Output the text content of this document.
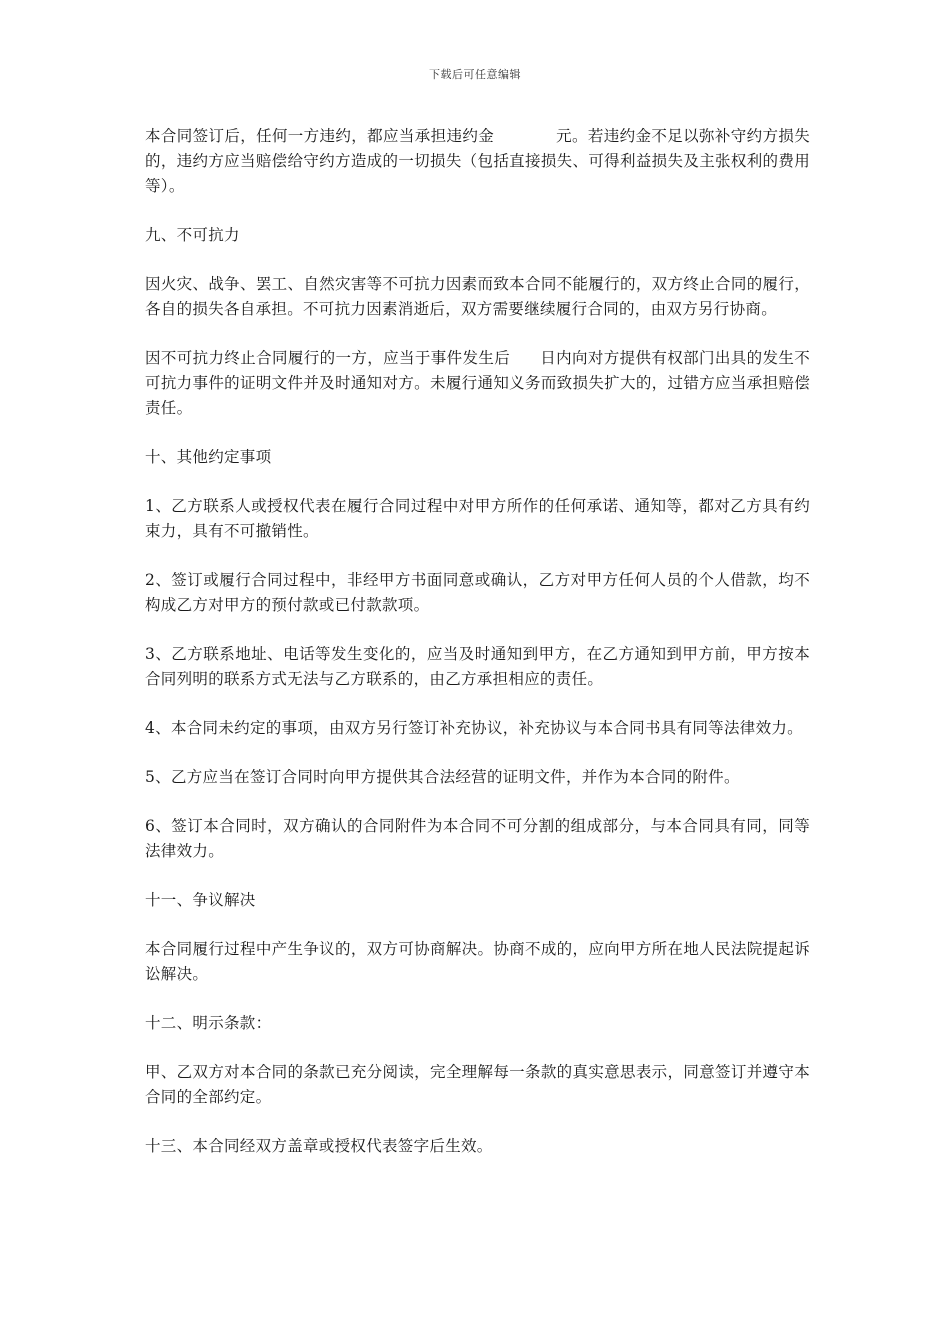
下载后可任意编辑

本合同签订后，任何一方违约，都应当承担违约金	元。若违约金不足以弥补守约方损失的，违约方应当赔偿给守约方造成的一切损失（包括直接损失、可得利益损失及主张权利的费用等）。

九、不可抗力

因火灾、战争、罢工、自然灾害等不可抗力因素而致本合同不能履行的，双方终止合同的履行，各自的损失各自承担。不可抗力因素消逝后，双方需要继续履行合同的，由双方另行协商。

因不可抗力终止合同履行的一方，应当于事件发生后 日内向对方提供有权部门出具的发生不可抗力事件的证明文件并及时通知对方。未履行通知义务而致损失扩大的，过错方应当承担赔偿责任。

十、其他约定事项

1、乙方联系人或授权代表在履行合同过程中对甲方所作的任何承诺、通知等，都对乙方具有约束力，具有不可撤销性。

2、签订或履行合同过程中，非经甲方书面同意或确认，乙方对甲方任何人员的个人借款，均不构成乙方对甲方的预付款或已付款款项。

3、乙方联系地址、电话等发生变化的，应当及时通知到甲方，在乙方通知到甲方前，甲方按本合同列明的联系方式无法与乙方联系的，由乙方承担相应的责任。

4、本合同未约定的事项，由双方另行签订补充协议，补充协议与本合同书具有同等法律效力。

5、乙方应当在签订合同时向甲方提供其合法经营的证明文件，并作为本合同的附件。

6、签订本合同时，双方确认的合同附件为本合同不可分割的组成部分，与本合同具有同，同等法律效力。

十一、争议解决

本合同履行过程中产生争议的，双方可协商解决。协商不成的，应向甲方所在地人民法院提起诉讼解决。

十二、明示条款：

甲、乙双方对本合同的条款已充分阅读，完全理解每一条款的真实意思表示，同意签订并遵守本合同的全部约定。

十三、本合同经双方盖章或授权代表签字后生效。
